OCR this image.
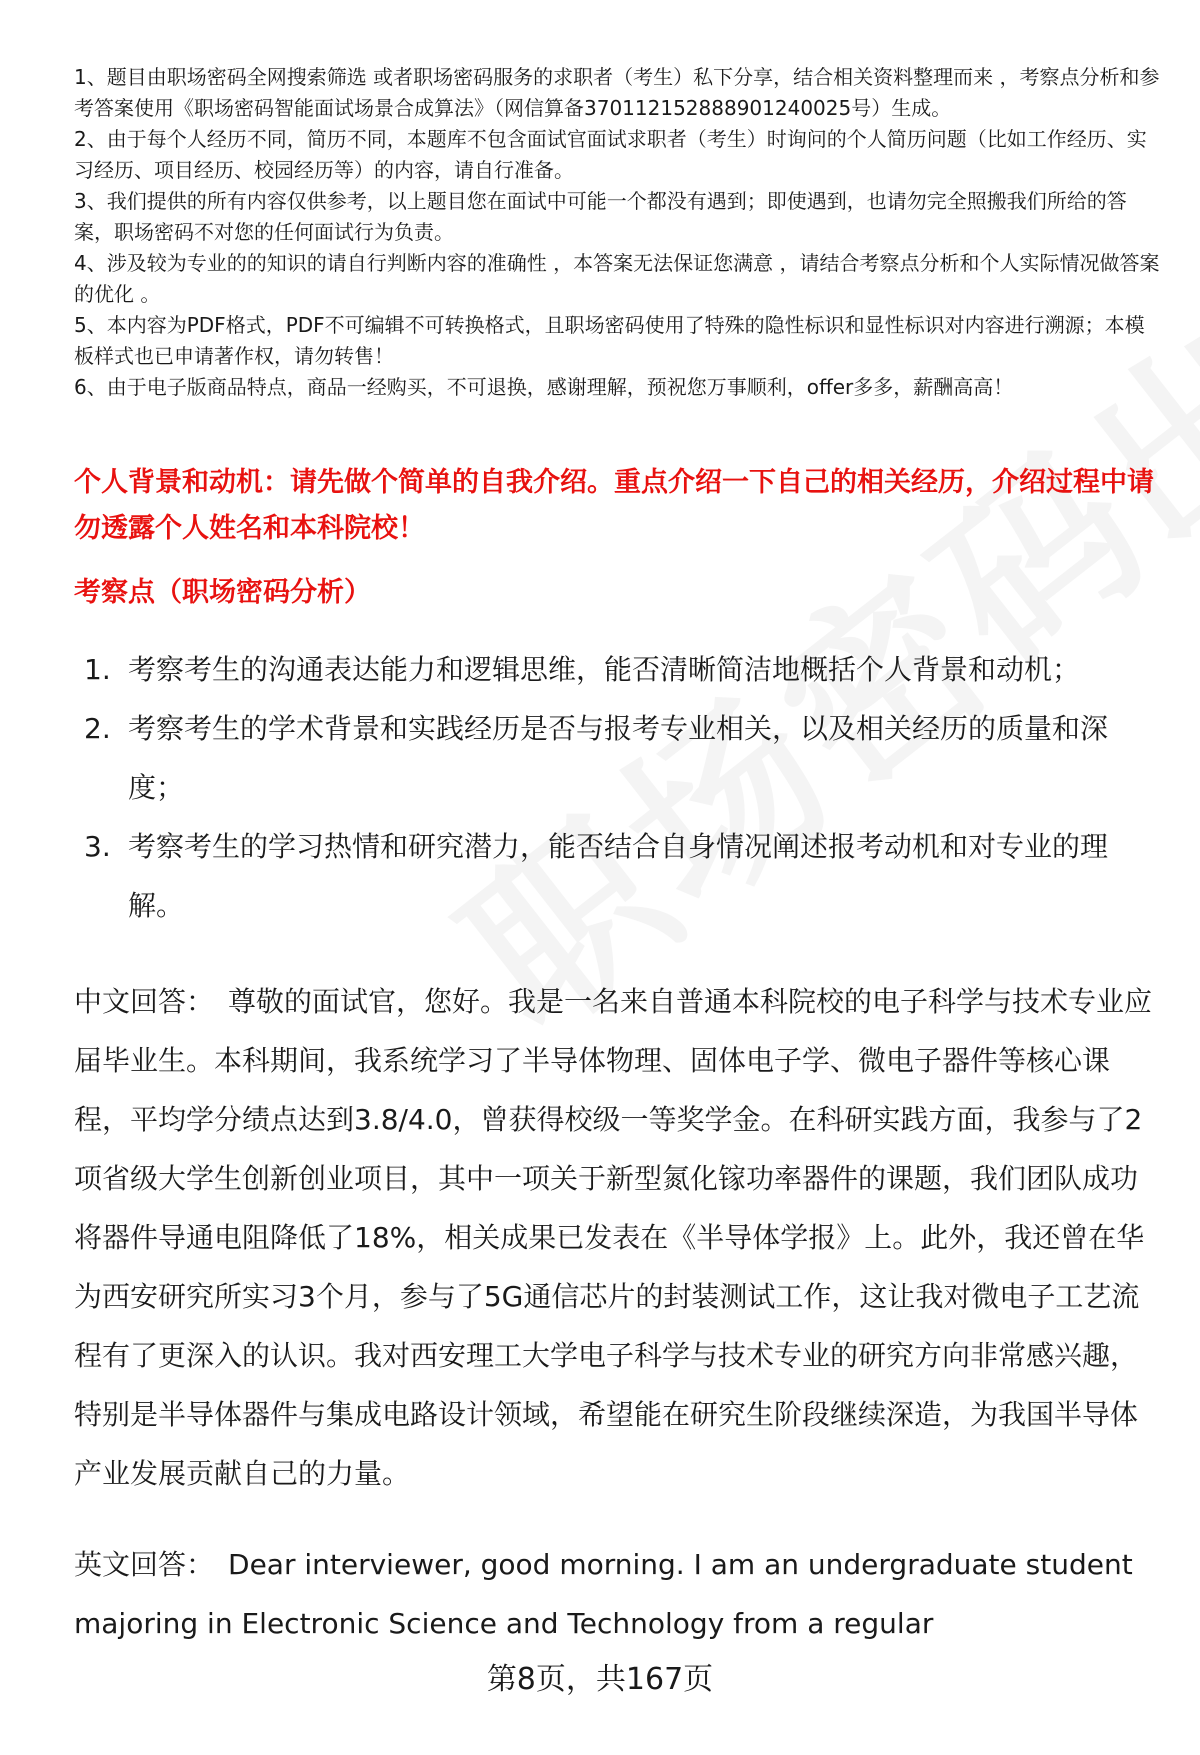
1、题目由职场密码全网搜索筛选 或者职场密码服务的求职者（考生）私下分享，结合相关资料整理而来 ，考察点分析和参考答案使用《职场密码智能面试场景合成算法》（网信算备370112152888901240025号）生成。

2、由于每个人经历不同，简历不同，本题库不包含面试官面试求职者（考生）时询问的个人简历问题（比如工作经历、实习经历、项目经历、校园经历等）的内容，请自行准备。

3、我们提供的所有内容仅供参考，以上题目您在面试中可能一个都没有遇到；即使遇到，也请勿完全照搬我们所给的答案，职场密码不对您的任何面试行为负责。

4、涉及较为专业的的知识的请自行判断内容的准确性 ，本答案无法保证您满意 ，请结合考察点分析和个人实际情况做答案的优化 。

5、本内容为PDF格式，PDF不可编辑不可转换格式，且职场密码使用了特殊的隐性标识和显性标识对内容进行溯源；本模板样式也已申请著作权，请勿转售！

6、由于电子版商品特点，商品一经购买，不可退换，感谢理解，预祝您万事顺利，offer多多，薪酬高高！

个人背景和动机：请先做个简单的自我介绍。重点介绍一下自己的相关经历，介绍过程中请勿透露个人姓名和本科院校！
考察点（职场密码分析）
1. 考察考生的沟通表达能力和逻辑思维，能否清晰简洁地概括个人背景和动机；
2. 考察考生的学术背景和实践经历是否与报考专业相关，以及相关经历的质量和深度；
3. 考察考生的学习热情和研究潜力，能否结合自身情况阐述报考动机和对专业的理解。

中文回答： 尊敬的面试官，您好。我是一名来自普通本科院校的电子科学与技术专业应届毕业生。本科期间，我系统学习了半导体物理、固体电子学、微电子器件等核心课程，平均学分绩点达到3.8/4.0，曾获得校级一等奖学金。在科研实践方面，我参与了2项省级大学生创新创业项目，其中一项关于新型氮化镓功率器件的课题，我们团队成功将器件导通电阻降低了18%，相关成果已发表在《半导体学报》上。此外，我还曾在华为西安研究所实习3个月，参与了5G通信芯片的封装测试工作，这让我对微电子工艺流程有了更深入的认识。我对西安理工大学电子科学与技术专业的研究方向非常感兴趣，特别是半导体器件与集成电路设计领域，希望能在研究生阶段继续深造，为我国半导体产业发展贡献自己的力量。

英文回答： Dear interviewer, good morning. I am an undergraduate student majoring in Electronic Science and Technology from a regular

第8页，共167页
